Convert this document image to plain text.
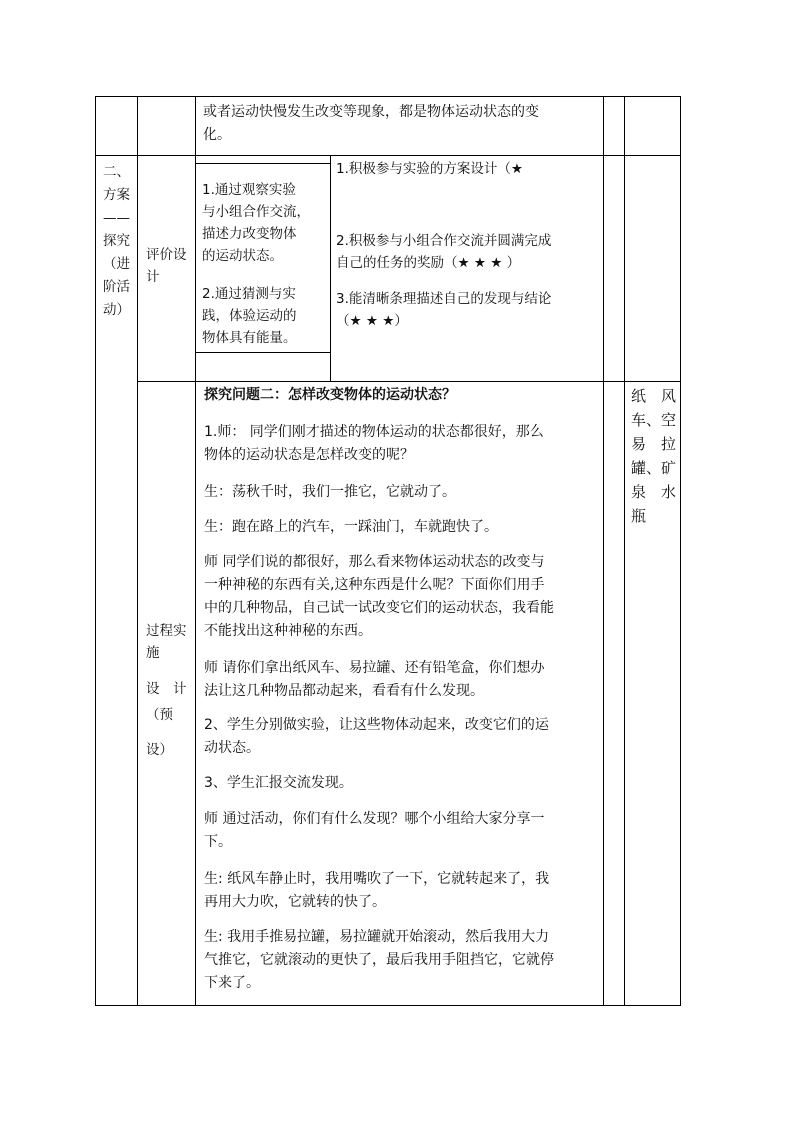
或者运动快慢发生改变等现象，都是物体运动状态的变
化。
二、
方案
——
探究
（进
阶活
动）
评价设
计
1.通过观察实验
与小组合作交流，
描述力改变物体
的运动状态。
2.通过猜测与实
践，体验运动的
物体具有能量。
1.积极参与实验的方案设计（★
2.积极参与小组合作交流并圆满完成
自己的任务的奖励（★ ★ ★ ）
3.能清晰条理描述自己的发现与结论
（★ ★ ★）
过程实
施
设　计
（预
设）
探究问题二：怎样改变物体的运动状态？
1.师： 同学们刚才描述的物体运动的状态都很好，那么
物体的运动状态是怎样改变的呢？
生：荡秋千时，我们一推它，它就动了。
生：跑在路上的汽车，一踩油门，车就跑快了。
师 同学们说的都很好，那么看来物体运动状态的改变与
一种神秘的东西有关,这种东西是什么呢？下面你们用手
中的几种物品，自己试一试改变它们的运动状态，我看能
不能找出这种神秘的东西。
师 请你们拿出纸风车、易拉罐、还有铅笔盒，你们想办
法让这几种物品都动起来，看看有什么发现。
2、学生分别做实验，让这些物体动起来，改变它们的运
动状态。
3、学生汇报交流发现。
师 通过活动，你们有什么发现？哪个小组给大家分享一
下。
生: 纸风车静止时，我用嘴吹了一下，它就转起来了，我
再用大力吹，它就转的快了。
生: 我用手推易拉罐，易拉罐就开始滚动，然后我用大力
气推它，它就滚动的更快了，最后我用手阻挡它，它就停
下来了。
纸　风
车、空
易　拉
罐、矿
泉　水
瓶
